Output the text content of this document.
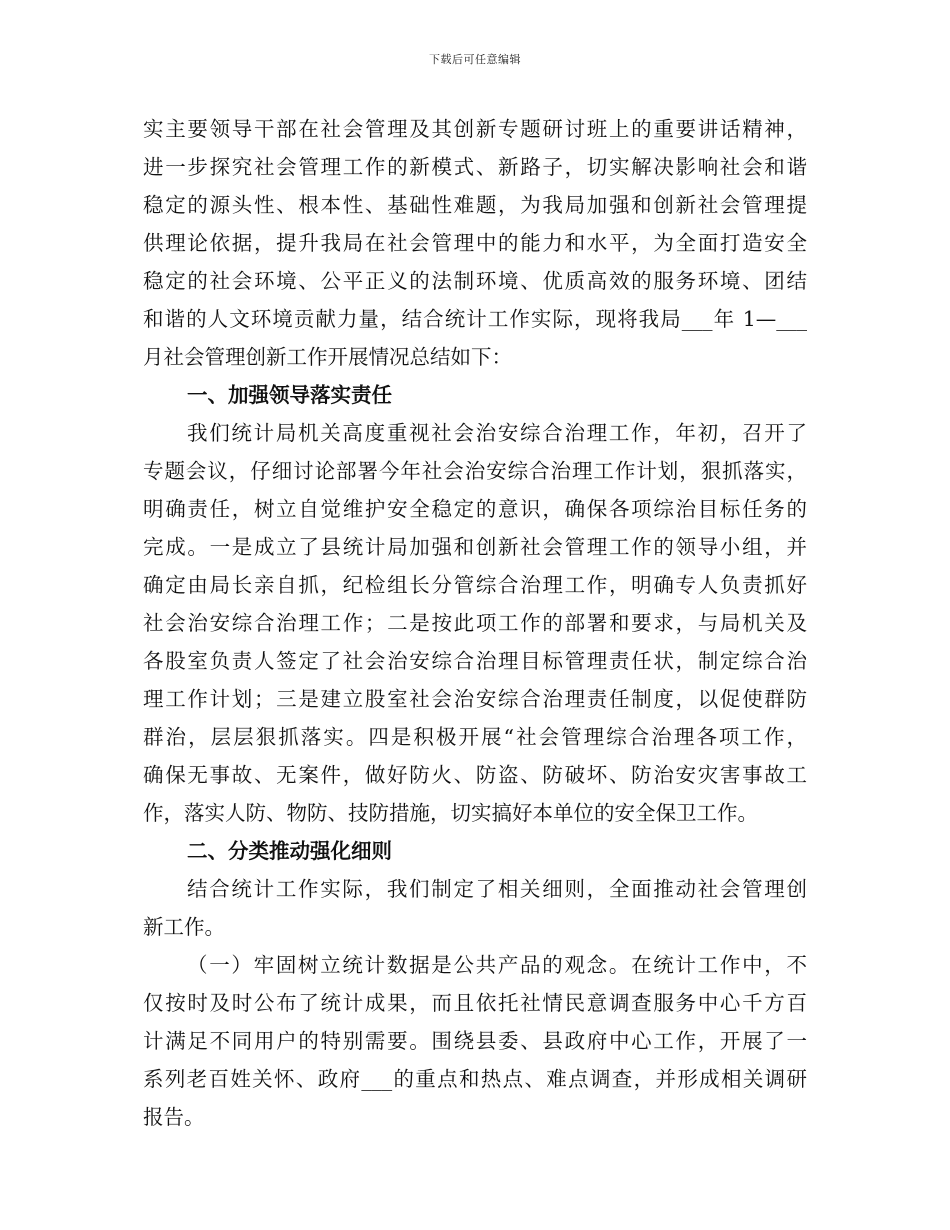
下载后可任意编辑
实主要领导干部在社会管理及其创新专题研讨班上的重要讲话精神，
进一步探究社会管理工作的新模式、新路子，切实解决影响社会和谐
稳定的源头性、根本性、基础性难题，为我局加强和创新社会管理提
供理论依据，提升我局在社会管理中的能力和水平，为全面打造安全
稳定的社会环境、公平正义的法制环境、优质高效的服务环境、团结
和谐的人文环境贡献力量，结合统计工作实际，现将我局___年 1—___
月社会管理创新工作开展情况总结如下：
一、加强领导落实责任
我们统计局机关高度重视社会治安综合治理工作，年初，召开了
专题会议，仔细讨论部署今年社会治安综合治理工作计划，狠抓落实，
明确责任，树立自觉维护安全稳定的意识，确保各项综治目标任务的
完成。一是成立了县统计局加强和创新社会管理工作的领导小组，并
确定由局长亲自抓，纪检组长分管综合治理工作，明确专人负责抓好
社会治安综合治理工作；二是按此项工作的部署和要求，与局机关及
各股室负责人签定了社会治安综合治理目标管理责任状，制定综合治
理工作计划；三是建立股室社会治安综合治理责任制度，以促使群防
群治，层层狠抓落实。四是积极开展“社会管理综合治理各项工作，
确保无事故、无案件，做好防火、防盗、防破坏、防治安灾害事故工
作，落实人防、物防、技防措施，切实搞好本单位的安全保卫工作。
二、分类推动强化细则
结合统计工作实际，我们制定了相关细则，全面推动社会管理创
新工作。
（一）牢固树立统计数据是公共产品的观念。在统计工作中，不
仅按时及时公布了统计成果，而且依托社情民意调查服务中心千方百
计满足不同用户的特别需要。围绕县委、县政府中心工作，开展了一
系列老百姓关怀、政府___的重点和热点、难点调查，并形成相关调研
报告。
